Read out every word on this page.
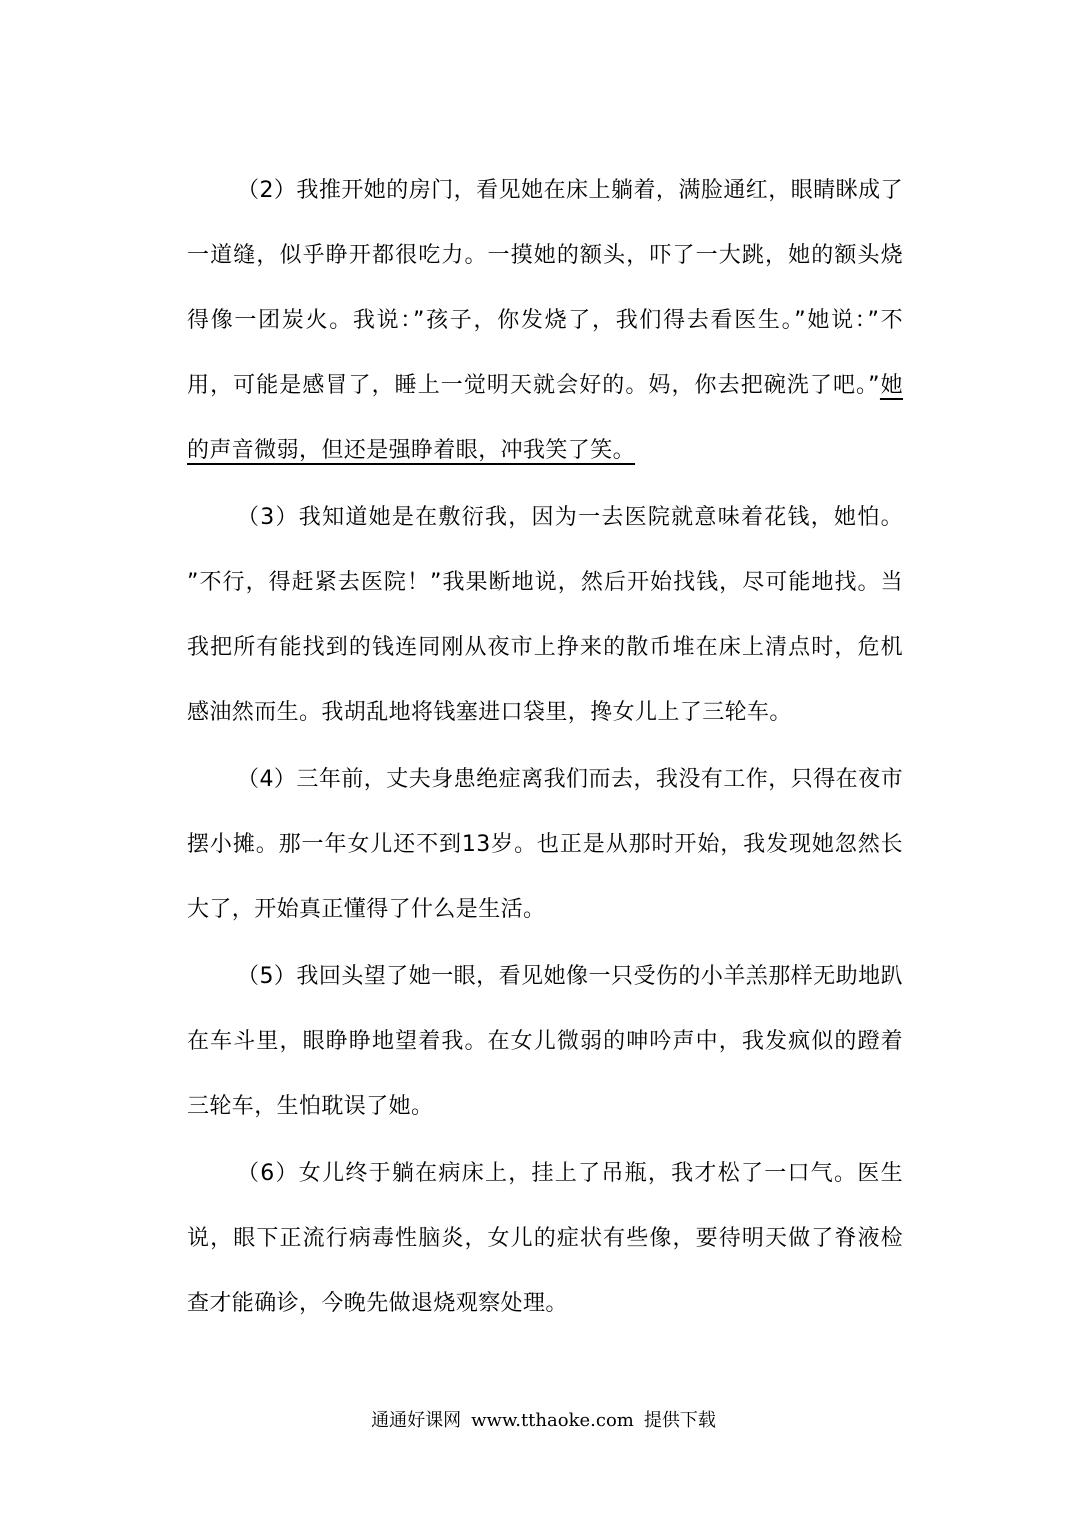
（2）我推开她的房门，看见她在床上躺着，满脸通红，眼睛眯成了一道缝，似乎睁开都很吃力。一摸她的额头，吓了一大跳，她的额头烧得像一团炭火。我说：”孩子，你发烧了，我们得去看医生。”她说：”不用，可能是感冒了，睡上一觉明天就会好的。妈，你去把碗洗了吧。”她的声音微弱，但还是强睁着眼，冲我笑了笑。

（3）我知道她是在敷衍我，因为一去医院就意味着花钱，她怕。 ”不行，得赶紧去医院！”我果断地说，然后开始找钱，尽可能地找。当我把所有能找到的钱连同刚从夜市上挣来的散币堆在床上清点时，危机感油然而生。我胡乱地将钱塞进口袋里，搀女儿上了三轮车。

（4）三年前，丈夫身患绝症离我们而去，我没有工作，只得在夜市摆小摊。那一年女儿还不到13岁。也正是从那时开始，我发现她忽然长大了，开始真正懂得了什么是生活。

（5）我回头望了她一眼，看见她像一只受伤的小羊羔那样无助地趴在车斗里，眼睁睁地望着我。在女儿微弱的呻吟声中，我发疯似的蹬着三轮车，生怕耽误了她。

（6）女儿终于躺在病床上，挂上了吊瓶，我才松了一口气。医生说，眼下正流行病毒性脑炎，女儿的症状有些像，要待明天做了脊液检查才能确诊，今晚先做退烧观察处理。

通通好课网 www.tthaoke.com 提供下载
